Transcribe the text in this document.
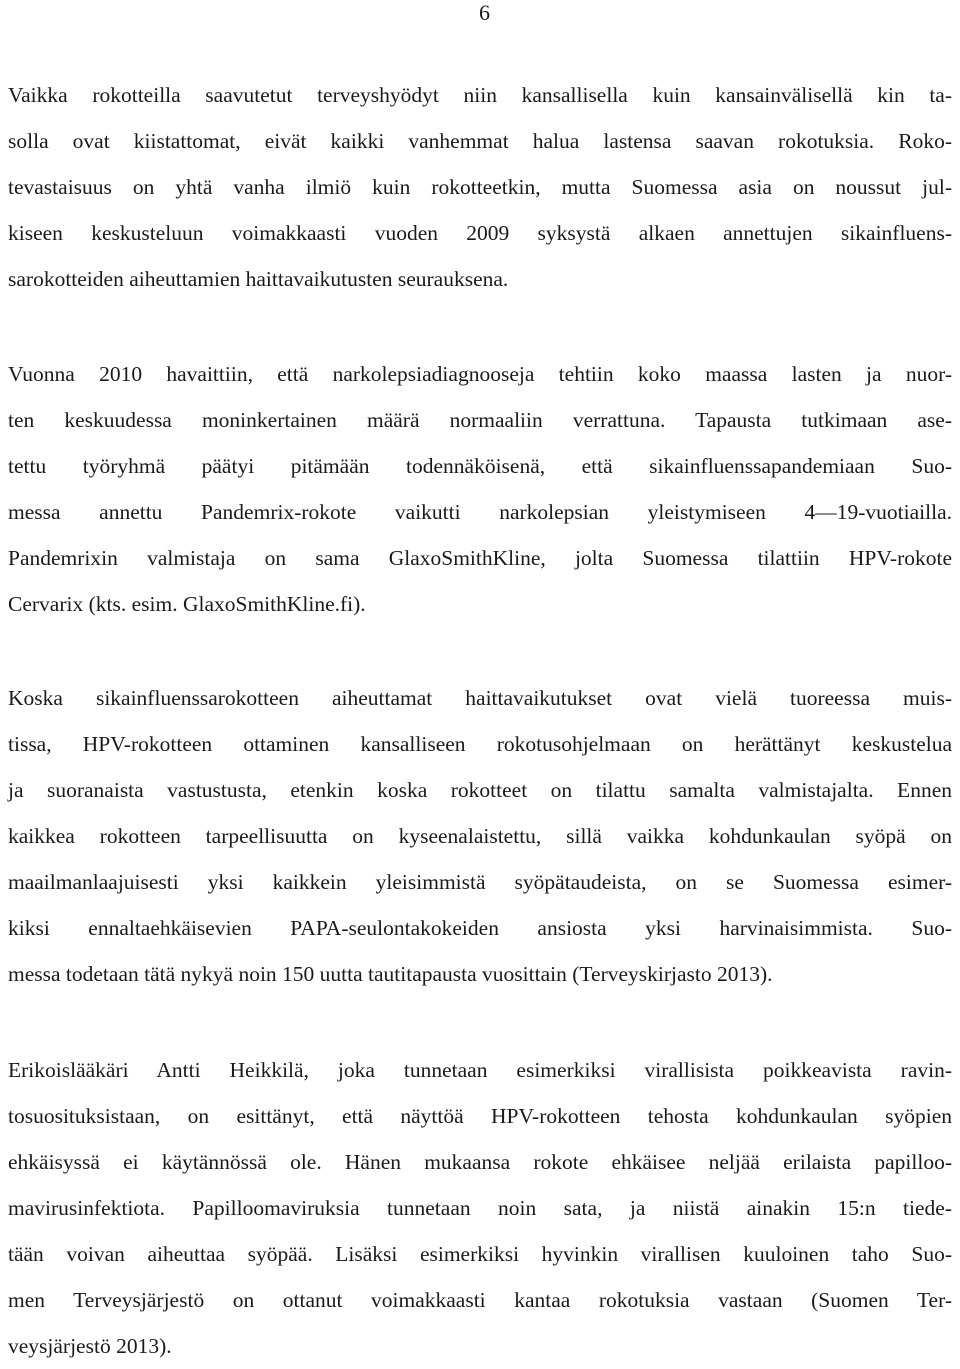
6

Vaikka rokotteilla saavutetut terveyshyödyt niin kansallisella kuin kansainvälisellä kin ta-
solla ovat kiistattomat, eivät kaikki vanhemmat halua lastensa saavan rokotuksia. Roko-
tevastaisuus on yhtä vanha ilmiö kuin rokotteetkin, mutta Suomessa asia on noussut jul-
kiseen keskusteluun voimakkaasti vuoden 2009 syksystä alkaen annettujen sikainfluens-
sarokotteiden aiheuttamien haittavaikutusten seurauksena.

Vuonna 2010 havaittiin, että narkolepsiadiagnooseja tehtiin koko maassa lasten ja nuor-
ten keskuudessa moninkertainen määrä normaaliin verrattuna. Tapausta tutkimaan ase-
tettu työryhmä päätyi pitämään todennäköisenä, että sikainfluenssapandemiaan Suo-
messa annettu Pandemrix-rokote vaikutti narkolepsian yleistymiseen 4—19-vuotiailla.
Pandemrixin valmistaja on sama GlaxoSmithKline, jolta Suomessa tilattiin HPV-rokote
Cervarix (kts. esim. GlaxoSmithKline.fi).

Koska sikainfluenssarokotteen aiheuttamat haittavaikutukset ovat vielä tuoreessa muis-
tissa, HPV-rokotteen ottaminen kansalliseen rokotusohjelmaan on herättänyt keskustelua
ja suoranaista vastustusta, etenkin koska rokotteet on tilattu samalta valmistajalta. Ennen
kaikkea rokotteen tarpeellisuutta on kyseenalaistettu, sillä vaikka kohdunkaulan syöpä on
maailmanlaajuisesti yksi kaikkein yleisimmistä syöpätaudeista, on se Suomessa esimer-
kiksi ennaltaehkäisevien PAPA-seulontakokeiden ansiosta yksi harvinaisimmista. Suo-
messa todetaan tätä nykyä noin 150 uutta tautitapausta vuosittain (Terveyskirjasto 2013).

Erikoislääkäri Antti Heikkilä, joka tunnetaan esimerkiksi virallisista poikkeavista ravin-
tosuosituksistaan, on esittänyt, että näyttöä HPV-rokotteen tehosta kohdunkaulan syöpien
ehkäisyssä ei käytännössä ole. Hänen mukaansa rokote ehkäisee neljää erilaista papilloo-
mavirusinfektiota. Papilloomaviruksia tunnetaan noin sata, ja niistä ainakin 15:n tiede-
tään voivan aiheuttaa syöpää. Lisäksi esimerkiksi hyvinkin virallisen kuuloinen taho Suo-
men Terveysjärjestö on ottanut voimakkaasti kantaa rokotuksia vastaan (Suomen Ter-
veysjärjestö 2013).
